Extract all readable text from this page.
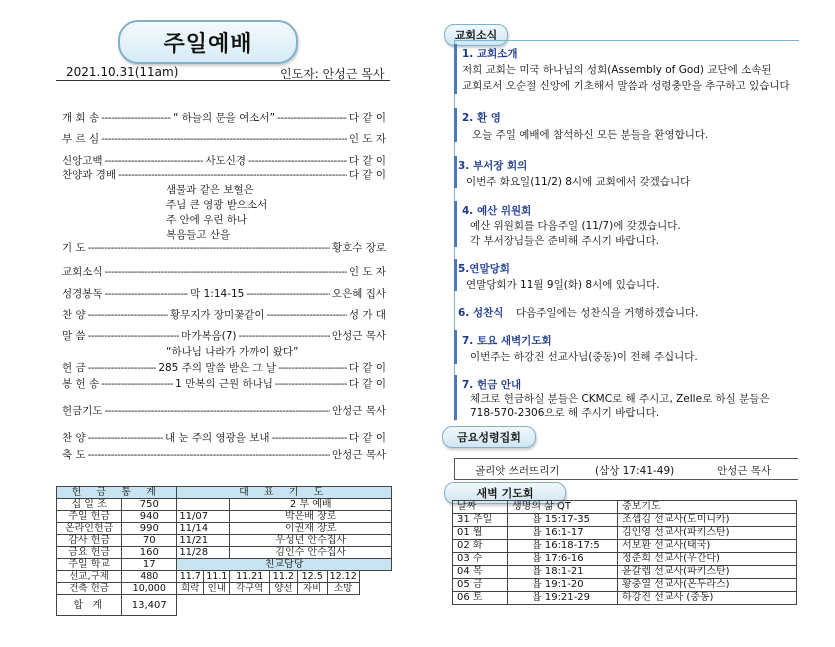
주일예배
2021.10.31(11am)	인도자: 안성근 목사
개 회 송 -----	“ 하늘의 문을 여소서” -----	다 같 이
부 르 심 -----	인 도 자
신앙고백 -----	사도신경 -----	다 같 이
찬양과 경배 -----	다 같 이
샘물과 같은 보혈은
주님 큰 영광 받으소서
주 안에 우린 하나
복음들고 산을
기 도 -----	황호수 장로
교회소식 -----	인 도 자
성경봉독 -----	막 1:14-15 -----	오은혜 집사
찬 양 -----	황무지가 장미꽃같이 -----	성 가 대
말 씀 -----	마가복음(7) -----	안성근 목사
“하나님 나라가 가까이 왔다”
헌 금 -----	285 주의 말씀 받은 그 날 -----	다 같 이
봉 헌 송 -----	1 만복의 근원 하나님 -----	다 같 이
헌금기도 -----	안성근 목사
찬 양 -----	내 눈 주의 영광을 보내 -----	다 같 이
축 도 -----	안성근 목사
헌 금 통 계		대 표 기 도						
십 일 조	750			2 부 예배				
주일 헌금	940	11/07		박은배 장로				
온라인헌금	990	11/14		이권재 장로				
감사 헌금	70	11/21		우성년 안수집사				
금요 헌금	160	11/28		김인수 안수집사				
주일 학교	17	친교담당						
선교,구제	480	11.7	11.1	11.21	11.2	12.5	12.12	
건축 헌금	10,000	희락	인내	각구역	양선	자비	소망	
합 계	13,407							
교회소식
1. 교회소개
저희 교회는 미국 하나님의 성회(Assembly of God) 교단에 소속된
교회로서 오순절 신앙에 기초해서 말씀과 성령충만을 추구하고 있습니다
2. 환 영
오늘 주일 예배에 참석하신 모든 분들을 환영합니다.
3. 부서장 회의
이번주 화요일(11/2) 8시에 교회에서 갖겠습니다
4. 예산 위원회
예산 위원회를 다음주일 (11/7)에 갖겠습니다.
각 부서장님들은 준비해 주시기 바랍니다.
5.연말당회
연말당회가 11월 9일(화) 8시에 있습니다.
6. 성찬식 다음주일에는 성찬식을 거행하겠습니다.
7. 토요 새벽기도회
이번주는 하강진 선교사님(중동)이 전해 주십니다.
7. 헌금 안내
체크로 헌금하실 분들은 CKMC로 해 주시고, Zelle로 하실 분들은
718-570-2306으로 해 주시기 바랍니다.
금요성령집회
골리앗 쓰러뜨리기	(삼상 17:41-49)	안성근 목사
새벽 기도회
날짜	생명의 삶 QT	중보기도
31 주일	욥 15:17-35	조셉김 선교사(도미니카)
01 월	욥 16:1-17	김인영 선교사(파키스탄)
02 화	욥 16:18-17:5	서보환 선교사(태국)
03 수	욥 17:6-16	정준희 선교사(우간다)
04 목	욥 18:1-21	윤갈렙 선교사(파키스탄)
05 금	욥 19:1-20	황충열 선교사(온두라스)
06 토	욥 19:21-29	하강진 선교사 (중동)
